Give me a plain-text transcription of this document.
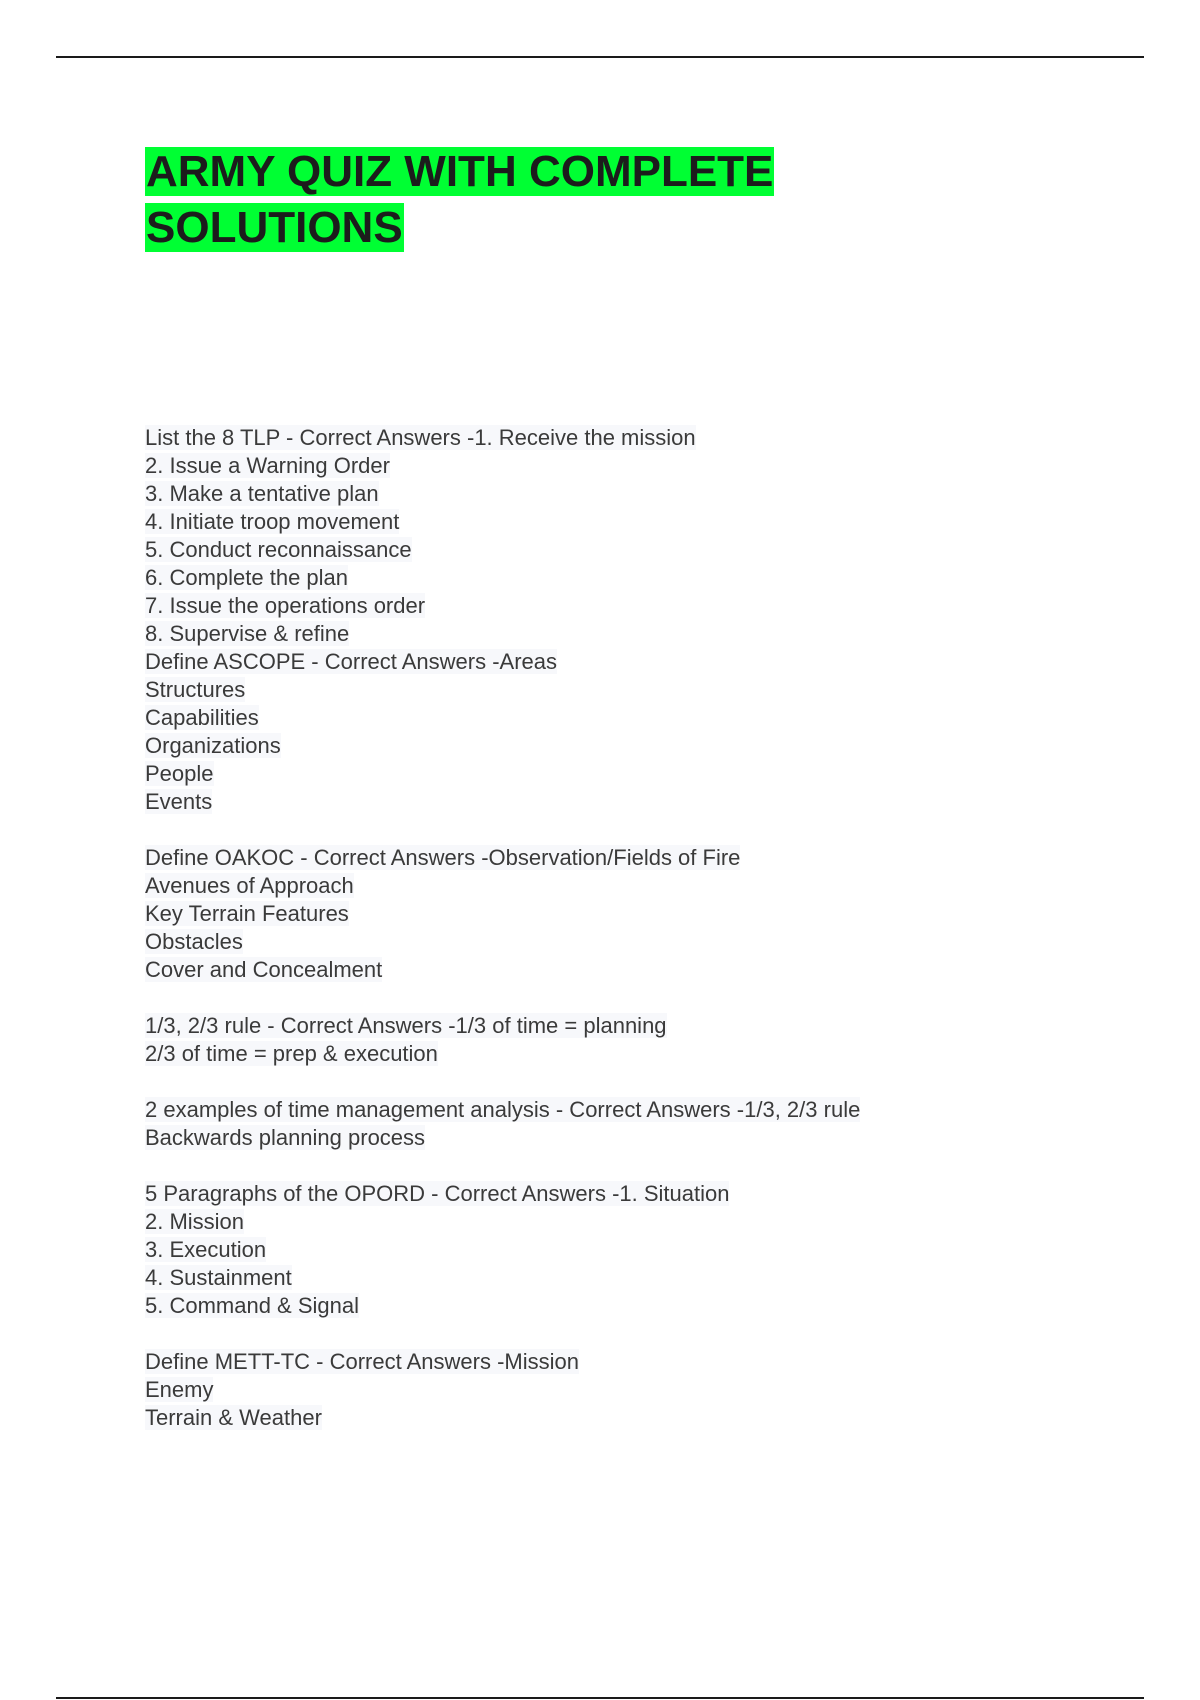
ARMY QUIZ WITH COMPLETE
SOLUTIONS
List the 8 TLP - Correct Answers -1. Receive the mission
2. Issue a Warning Order
3. Make a tentative plan
4. Initiate troop movement
5. Conduct reconnaissance
6. Complete the plan
7. Issue the operations order
8. Supervise & refine
Define ASCOPE - Correct Answers -Areas
Structures
Capabilities
Organizations
People
Events
Define OAKOC - Correct Answers -Observation/Fields of Fire
Avenues of Approach
Key Terrain Features
Obstacles
Cover and Concealment
1/3, 2/3 rule - Correct Answers -1/3 of time = planning
2/3 of time = prep & execution
2 examples of time management analysis - Correct Answers -1/3, 2/3 rule
Backwards planning process
5 Paragraphs of the OPORD - Correct Answers -1. Situation
2. Mission
3. Execution
4. Sustainment
5. Command & Signal
Define METT-TC - Correct Answers -Mission
Enemy
Terrain & Weather
